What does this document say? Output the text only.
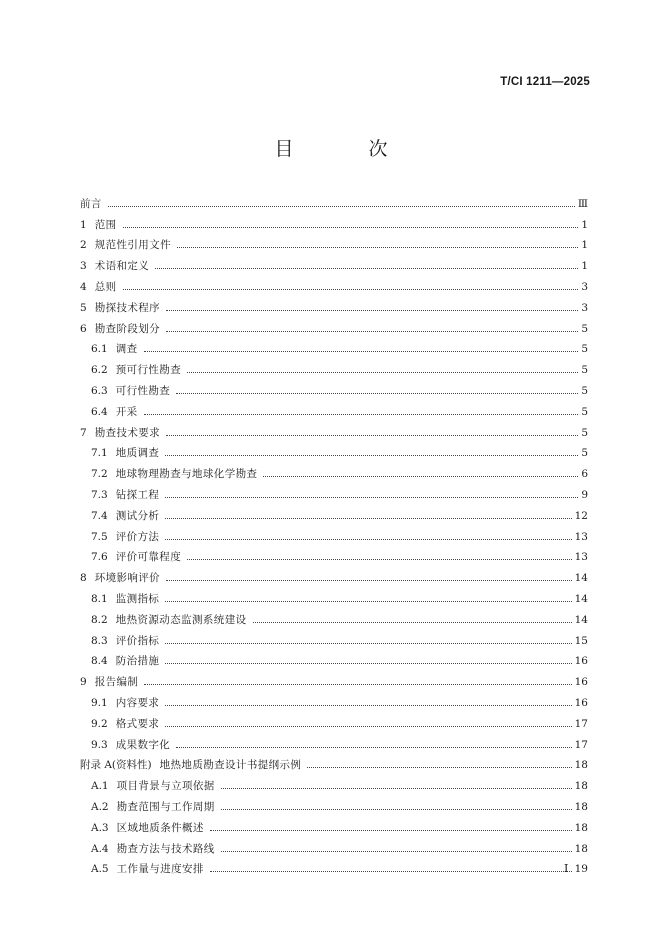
T/CI 1211—2025
目　次
前言	Ⅲ
1 范围	1
2 规范性引用文件	1
3 术语和定义	1
4 总则	3
5 勘探技术程序	3
6 勘查阶段划分	5
6.1 调查	5
6.2 预可行性勘查	5
6.3 可行性勘查	5
6.4 开采	5
7 勘查技术要求	5
7.1 地质调查	5
7.2 地球物理勘查与地球化学勘查	6
7.3 钻探工程	9
7.4 测试分析	12
7.5 评价方法	13
7.6 评价可靠程度	13
8 环境影响评价	14
8.1 监测指标	14
8.2 地热资源动态监测系统建设	14
8.3 评价指标	15
8.4 防治措施	16
9 报告编制	16
9.1 内容要求	16
9.2 格式要求	17
9.3 成果数字化	17
附录 A(资料性) 地热地质勘查设计书提纲示例	18
A.1 项目背景与立项依据	18
A.2 勘查范围与工作周期	18
A.3 区域地质条件概述	18
A.4 勘查方法与技术路线	18
A.5 工作量与进度安排	19
I
